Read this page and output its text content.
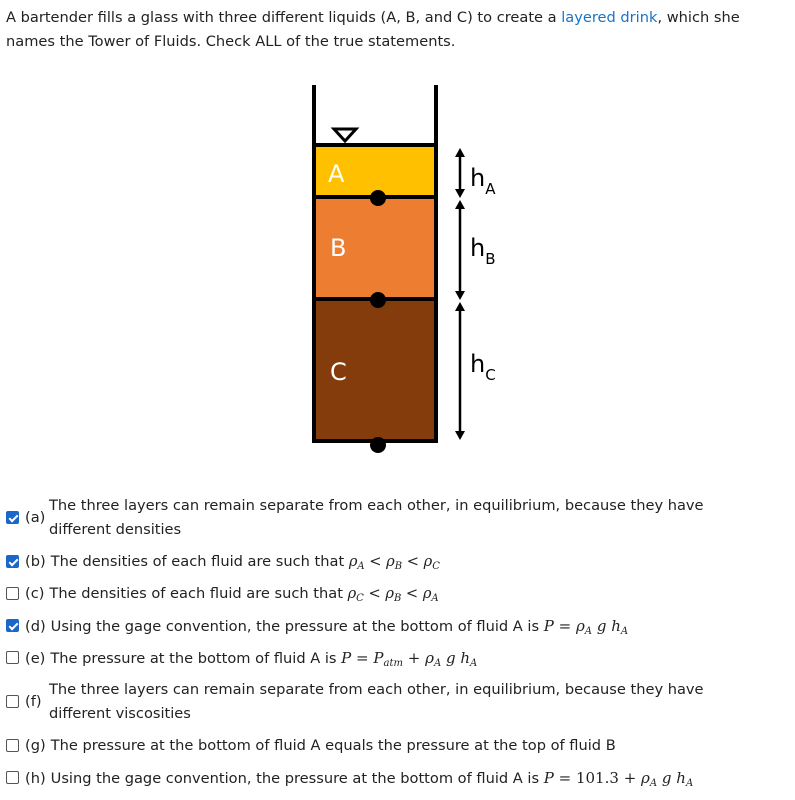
A bartender fills a glass with three different liquids (A, B, and C) to create a layered drink, which she names the Tower of Fluids. Check ALL of the true statements.
A
B
C
$h_A$
$h_B$
$h_C$
(a)
The three layers can remain separate from each other, in equilibrium, because they have different densities
(b) The densities of each fluid are such that $\rho_A < \rho_B < \rho_C$
(c) The densities of each fluid are such that $\rho_C < \rho_B < \rho_A$
(d) Using the gage convention, the pressure at the bottom of fluid A is $P = \rho_A$ g $h_A$
(e) The pressure at the bottom of fluid A is $P = P_{atm} + \rho_A$ g $h_A$
(f)
The three layers can remain separate from each other, in equilibrium, because they have different viscosities
(g) The pressure at the bottom of fluid A equals the pressure at the top of fluid B
(h) Using the gage convention, the pressure at the bottom of fluid A is $P = 101.3 + \rho_A$ g $h_A$
